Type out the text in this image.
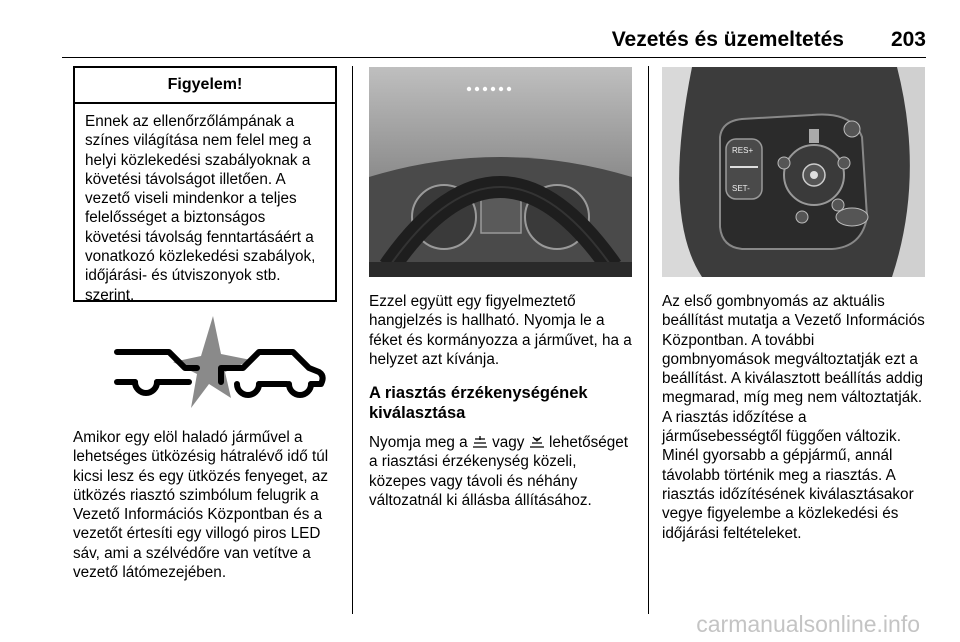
Vezetés és üzemeltetés 203
Figyelem!

Ennek az ellenőrzőlámpának a színes világítása nem felel meg a helyi közlekedési szabályoknak a követési távolságot illetően. A vezető viseli mindenkor a teljes felelősséget a biztonságos követési távolság fenntartásáért a vonatkozó közlekedési szabályok, időjárási- és útviszonyok stb. szerint.

Amikor egy elöl haladó járművel a lehetséges ütközésig hátralévő idő túl kicsi lesz és egy ütközés fenyeget, az ütközés riasztó szimbólum felugrik a Vezető Információs Központban és a vezetőt értesíti egy villogó piros LED sáv, ami a szélvédőre van vetítve a vezető látómezejében.

Ezzel együtt egy figyelmeztető hangjelzés is hallható. Nyomja le a féket és kormányozza a járművet, ha a helyzet azt kívánja.

A riasztás érzékenységének kiválasztása

Nyomja meg a vagy lehetőséget a riasztási érzékenység közeli, közepes vagy távoli és néhány változatnál ki állásba állításához.

RES+
SET-

Az első gombnyomás az aktuális beállítást mutatja a Vezető Információs Központban. A további gombnyomások megváltoztatják ezt a beállítást. A kiválasztott beállítás addig megmarad, míg meg nem változtatják. A riasztás időzítése a járműsebességtől függően változik. Minél gyorsabb a gépjármű, annál távolabb történik meg a riasztás. A riasztás időzítésének kiválasztásakor vegye figyelembe a közlekedési és időjárási feltételeket.

carmanualsonline.info
